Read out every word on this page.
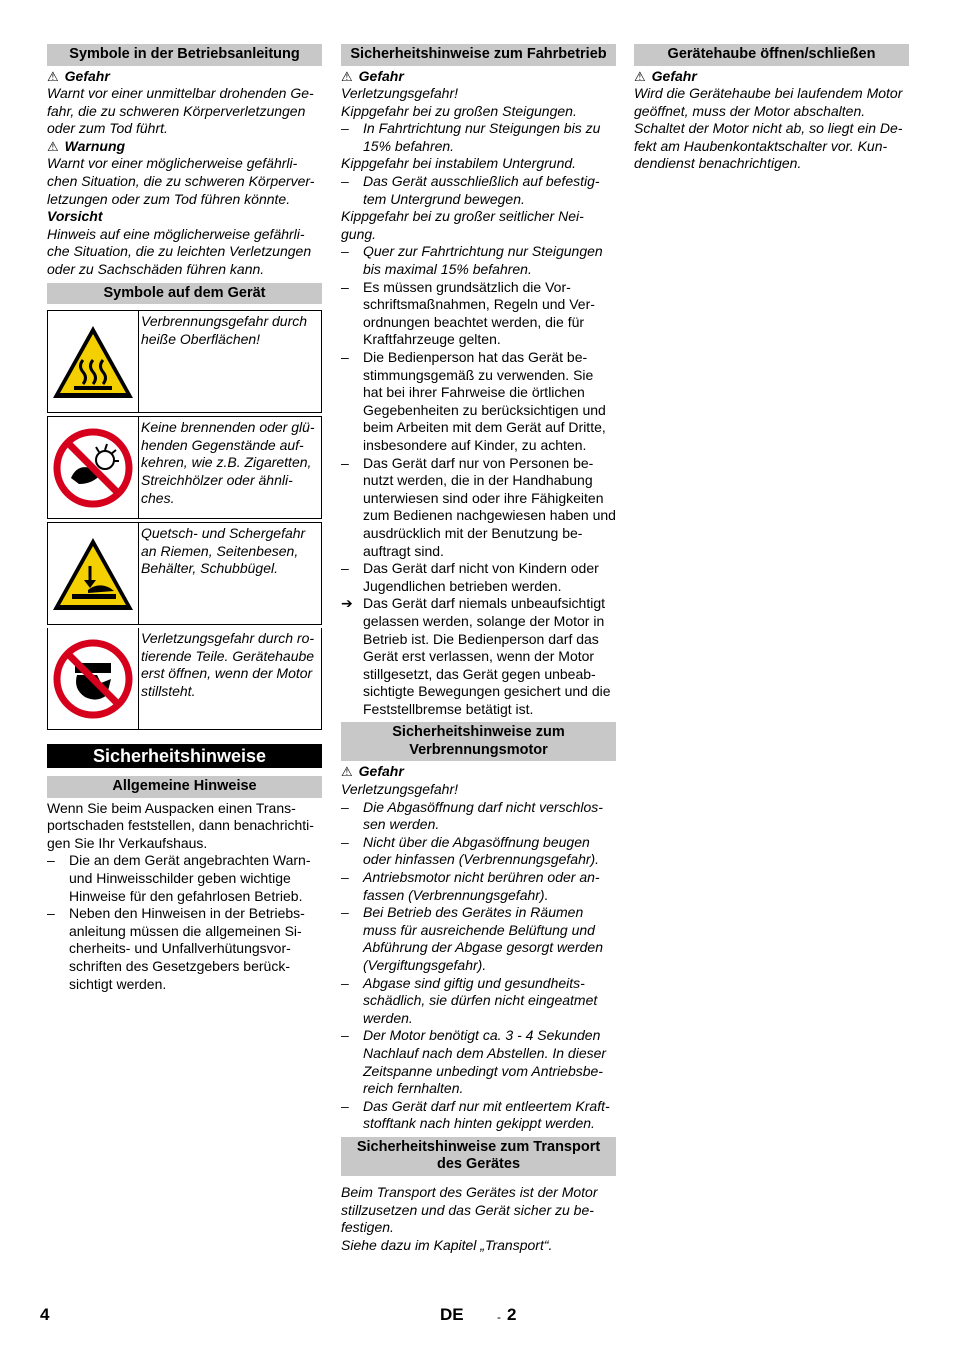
Symbole in der Betriebsanleitung
⚠ Gefahr

Warnt vor einer unmittelbar drohenden Ge-fahr, die zu schweren Körperverletzungen oder zum Tod führt.

⚠ Warnung

Warnt vor einer möglicherweise gefährli-chen Situation, die zu schweren Körperver-letzungen oder zum Tod führen könnte.

Vorsicht

Hinweis auf eine möglicherweise gefährli-che Situation, die zu leichten Verletzungen oder zu Sachschäden führen kann.

Symbole auf dem Gerät
Verbrennungsgefahr durch heiße Oberflächen!
Keine brennenden oder glü-henden Gegenstände auf-kehren, wie z.B. Zigaretten, Streichhölzer oder ähnli-ches.
Quetsch- und Schergefahr an Riemen, Seitenbesen, Behälter, Schubbügel.
Verletzungsgefahr durch ro-tierende Teile. Gerätehaube erst öffnen, wenn der Motor stillsteht.
Sicherheitshinweise
Allgemeine Hinweise

Wenn Sie beim Auspacken einen Trans-portschaden feststellen, dann benachrichti-gen Sie Ihr Verkaufshaus.

– Die an dem Gerät angebrachten Warn- und Hinweisschilder geben wichtige Hinweise für den gefahrlosen Betrieb.
– Neben den Hinweisen in der Betriebs-anleitung müssen die allgemeinen Si-cherheits- und Unfallverhütungsvor-schriften des Gesetzgebers berück-sichtigt werden.
Sicherheitshinweise zum Fahrbetrieb
⚠ Gefahr

Verletzungsgefahr!

Kippgefahr bei zu großen Steigungen.

– In Fahrtrichtung nur Steigungen bis zu 15% befahren.

Kippgefahr bei instabilem Untergrund.

– Das Gerät ausschließlich auf befestig-tem Untergrund bewegen.

Kippgefahr bei zu großer seitlicher Nei-gung.

– Quer zur Fahrtrichtung nur Steigungen bis maximal 15% befahren.
– Es müssen grundsätzlich die Vor-schriftsmaßnahmen, Regeln und Ver-ordnungen beachtet werden, die für Kraftfahrzeuge gelten.
– Die Bedienperson hat das Gerät be-stimmungsgemäß zu verwenden. Sie hat bei ihrer Fahrweise die örtlichen Gegebenheiten zu berücksichtigen und beim Arbeiten mit dem Gerät auf Dritte, insbesondere auf Kinder, zu achten.
– Das Gerät darf nur von Personen be-nutzt werden, die in der Handhabung unterwiesen sind oder ihre Fähigkeiten zum Bedienen nachgewiesen haben und ausdrücklich mit der Benutzung be-auftragt sind.
– Das Gerät darf nicht von Kindern oder Jugendlichen betrieben werden.
➔ Das Gerät darf niemals unbeaufsichtigt gelassen werden, solange der Motor in Betrieb ist. Die Bedienperson darf das Gerät erst verlassen, wenn der Motor stillgesetzt, das Gerät gegen unbeab-sichtigte Bewegungen gesichert und die Feststellbremse betätigt ist.
Sicherheitshinweise zum Verbrennungsmotor
⚠ Gefahr

Verletzungsgefahr!

– Die Abgasöffnung darf nicht verschlos-sen werden.
– Nicht über die Abgasöffnung beugen oder hinfassen (Verbrennungsgefahr).
– Antriebsmotor nicht berühren oder an-fassen (Verbrennungsgefahr).
– Bei Betrieb des Gerätes in Räumen muss für ausreichende Belüftung und Abführung der Abgase gesorgt werden (Vergiftungsgefahr).
– Abgase sind giftig und gesundheits-schädlich, sie dürfen nicht eingeatmet werden.
– Der Motor benötigt ca. 3 - 4 Sekunden Nachlauf nach dem Abstellen. In dieser Zeitspanne unbedingt vom Antriebsbe-reich fernhalten.
– Das Gerät darf nur mit entleertem Kraft-stofftank nach hinten gekippt werden.
Sicherheitshinweise zum Transport des Gerätes

Beim Transport des Gerätes ist der Motor stillzusetzen und das Gerät sicher zu be-festigen.

Siehe dazu im Kapitel „Transport“.

Gerätehaube öffnen/schließen
⚠ Gefahr

Wird die Gerätehaube bei laufendem Motor geöffnet, muss der Motor abschalten. Schaltet der Motor nicht ab, so liegt ein De-fekt am Haubenkontaktschalter vor. Kun-dendienst benachrichtigen.

4	DE	- 2
